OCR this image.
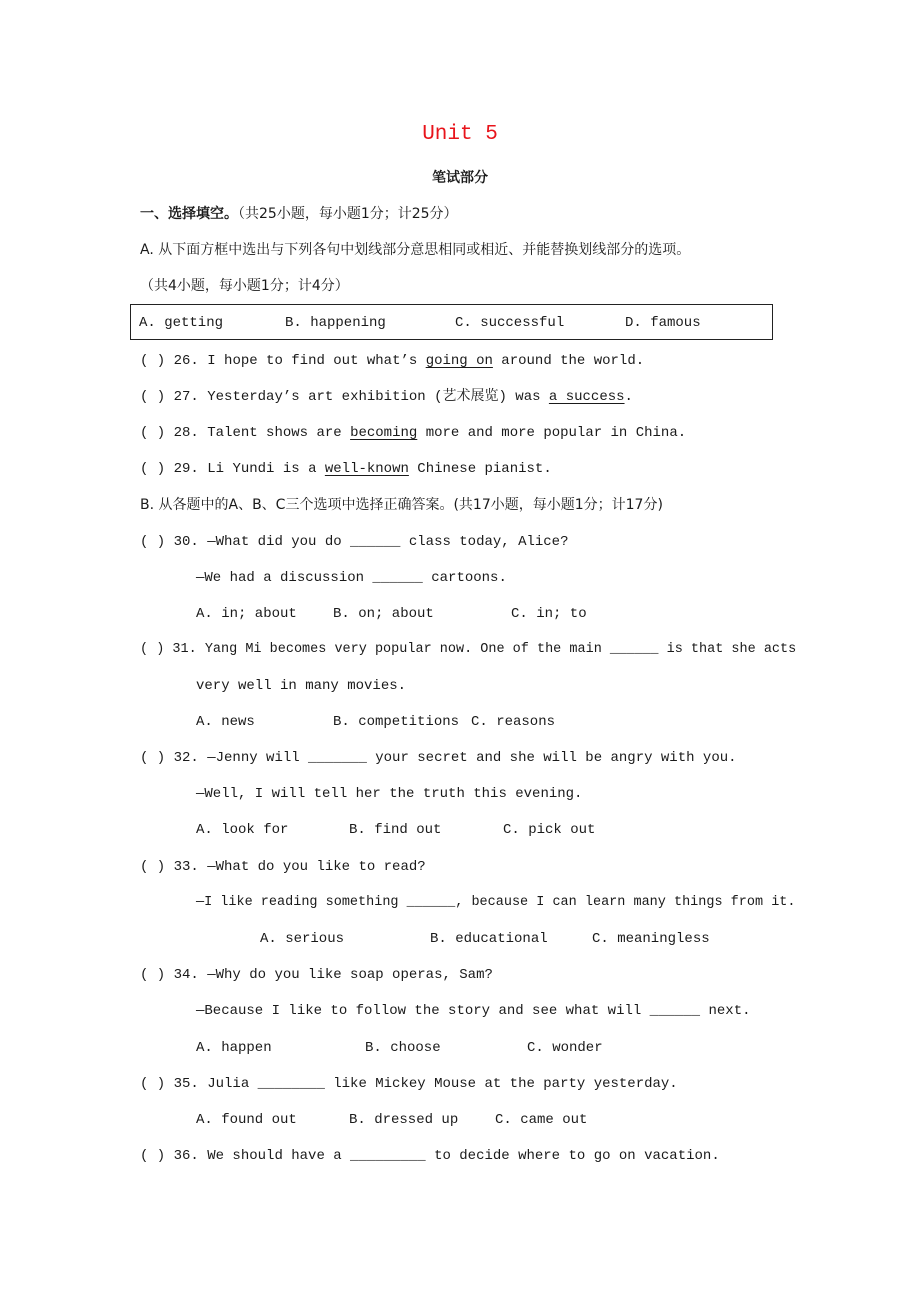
Unit 5
笔试部分
一、选择填空。（共25小题，每小题1分；计25分）
A. 从下面方框中选出与下列各句中划线部分意思相同或相近、并能替换划线部分的选项。
（共4小题，每小题1分；计4分）
A. getting	B. happening	C. successful	D. famous
( ) 26. I hope to find out what’s going on around the world.
( ) 27. Yesterday’s art exhibition (艺术展览) was a success.
( ) 28. Talent shows are becoming more and more popular in China.
( ) 29. Li Yundi is a well-known Chinese pianist.
B. 从各题中的A、B、C三个选项中选择正确答案。(共17小题，每小题1分；计17分)
( ) 30. —What did you do ______ class today, Alice?
—We had a discussion ______ cartoons.
A. in; about	B. on; about	C. in; to
( ) 31. Yang Mi becomes very popular now. One of the main ______ is that she acts
very well in many movies.
A. news	B. competitions C. reasons
( ) 32. —Jenny will _______ your secret and she will be angry with you.
—Well, I will tell her the truth this evening.
A. look for	B. find out	C. pick out
( ) 33. —What do you like to read?
—I like reading something ______, because I can learn many things from it.
A. serious	B. educational	C. meaningless
( ) 34. —Why do you like soap operas, Sam?
—Because I like to follow the story and see what will ______ next.
A. happen	B. choose	C. wonder
( ) 35. Julia ________ like Mickey Mouse at the party yesterday.
A. found out	B. dressed up	C. came out
( ) 36. We should have a _________ to decide where to go on vacation.
